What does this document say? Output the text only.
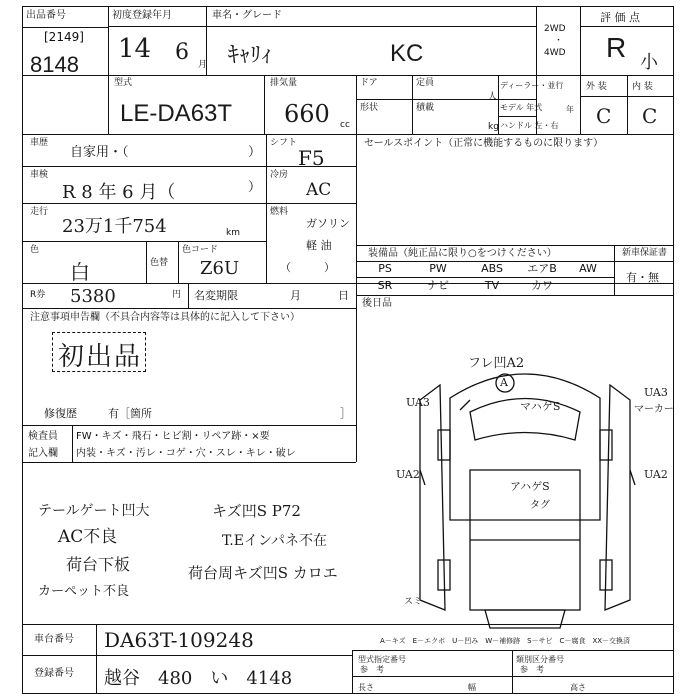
出品番号
[2149]
8148
初度登録年月
14 6 月
車名・グレード
ｷｬﾘｨ	KC
2WD
・
4WD
評 価 点
R 小
型式
LE-DA63T
排気量
660 cc
ドア	定員
人
形状	積載
kg
ディーラー・並行
モデル 年式	年
ハンドル 左・右
外 装	内 装
C C
車歴
自家用・（	）
シフト
F5
車検
R 8 年 6 月（	）
冷房
AC
走行
23万1千754	km
燃料
ガソリン
軽 油
（　　　）
色
白	色替
色コード
Z6U
R券 5380	円 名変期限	月	日
セールスポイント（正常に機能するものに限ります）
装備品（純正品に限り○をつけください）	新車保証書
有・無
後日品
PS	PW	ABS	エアB	AW
SR	ナビ	TV	カワ
注意事項申告欄（不具合内容等は具体的に記入して下さい）
初出品
修復歴	有［箇所	］
検査員
記入欄
FW・キズ・飛石・ヒビ割・リペア跡・×要
内装・キズ・汚レ・コゲ・穴・スレ・キレ・破レ
テールゲート凹大
AC不良
荷台下板
カーペット不良
キズ凹S P72
T.Eインパネ不在
荷台周キズ凹S カロエ
フレ凹A2
A
UA3
UA3
マーカー
マハゲS
アハゲS
タグ
UA2	UA2
スミ
A－キズ　E－エクボ　U－凹み　W－補修跡　S－サビ　C－腐食　XX－交換済
車台番号 DA63T-109248
登録番号 越谷　480　い　4148
型式指定番号
参　考
類別区分番号
参　考
長さ	幅	高さ
